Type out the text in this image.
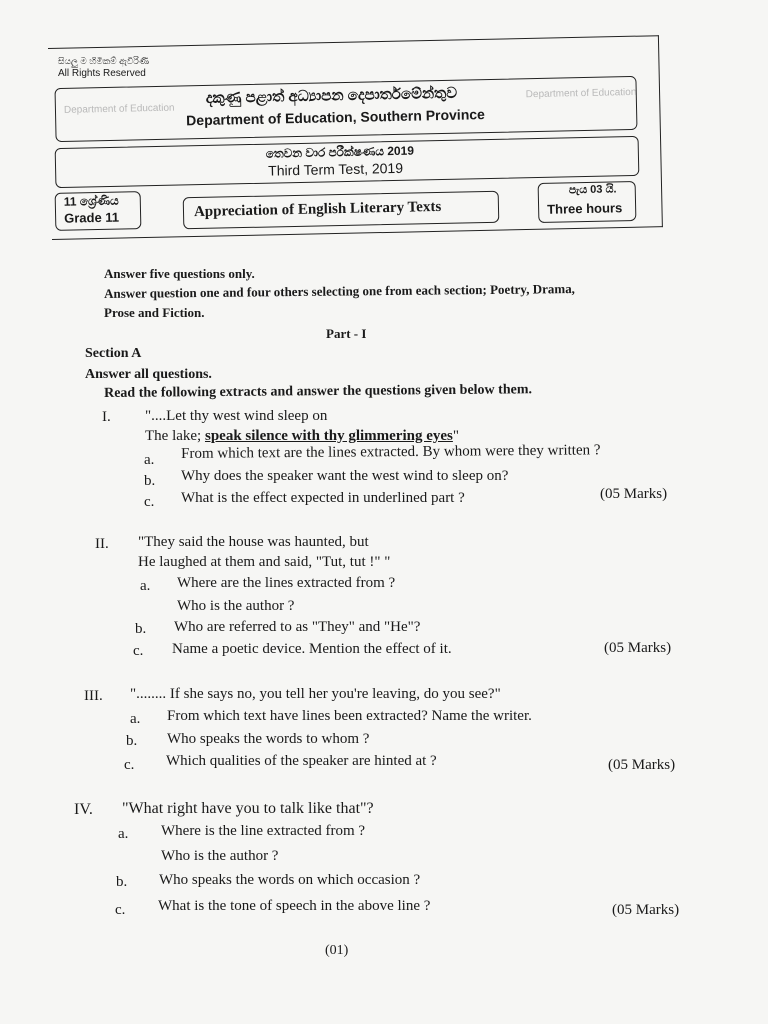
සියලු ම හිමිකම් ඇවිරිණි
All Rights Reserved
Department of Education
Department of Education
දකුණු පළාත් අධ්‍යාපන දෙපාර්තමේන්තුව
Department of Education, Southern Province
තෙවන වාර පරීක්ෂණය 2019
Third Term Test, 2019
11 ශ්‍රේණිය
Grade 11	Appreciation of English Literary Texts
පැය 03 යි.
Three hours
Answer five questions only.
Answer question one and four others selecting one from each section; Poetry, Drama,
Prose and Fiction.
Part - I
Section A
Answer all questions.
Read the following extracts and answer the questions given below them.
I. "....Let thy west wind sleep on
The lake; speak silence with thy glimmering eyes"
a. From which text are the lines extracted. By whom were they written ?
b. Why does the speaker want the west wind to sleep on?
c. What is the effect expected in underlined part ?	(05 Marks)
II. "They said the house was haunted, but
He laughed at them and said, "Tut, tut !" "
a. Where are the lines extracted from ?
Who is the author ?
b. Who are referred to as "They" and "He"?
c. Name a poetic device. Mention the effect of it.	(05 Marks)
III. "........ If she says no, you tell her you're leaving, do you see?"
a. From which text have lines been extracted? Name the writer.
b. Who speaks the words to whom ?
c. Which qualities of the speaker are hinted at ?	(05 Marks)
IV. "What right have you to talk like that"?
a. Where is the line extracted from ?
Who is the author ?
b. Who speaks the words on which occasion ?
c. What is the tone of speech in the above line ?	(05 Marks)
(01)
